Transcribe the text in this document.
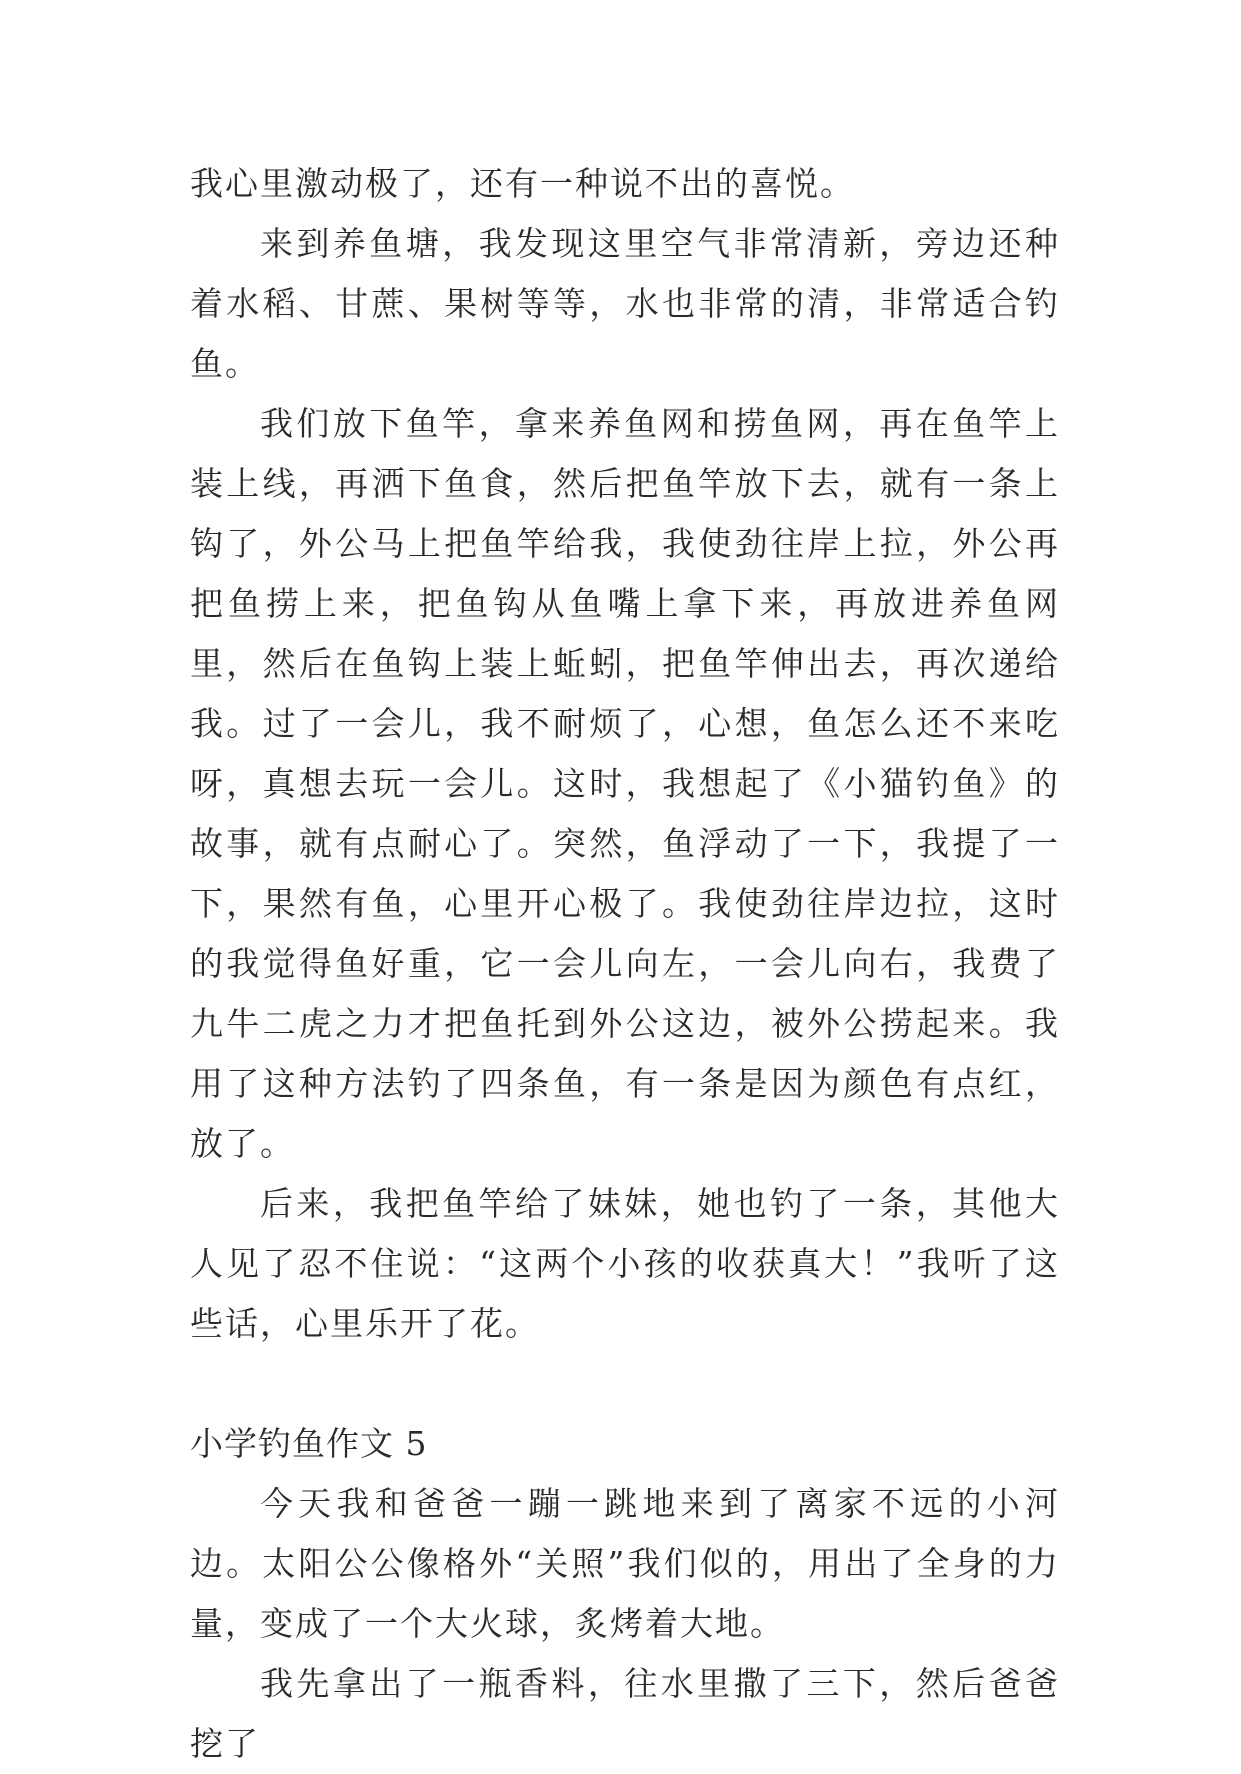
我心里激动极了，还有一种说不出的喜悦。

来到养鱼塘，我发现这里空气非常清新，旁边还种着水稻、甘蔗、果树等等，水也非常的清，非常适合钓鱼。

我们放下鱼竿，拿来养鱼网和捞鱼网，再在鱼竿上装上线，再洒下鱼食，然后把鱼竿放下去，就有一条上钩了，外公马上把鱼竿给我，我使劲往岸上拉，外公再把鱼捞上来，把鱼钩从鱼嘴上拿下来，再放进养鱼网里，然后在鱼钩上装上蚯蚓，把鱼竿伸出去，再次递给我。过了一会儿，我不耐烦了，心想，鱼怎么还不来吃呀，真想去玩一会儿。这时，我想起了《小猫钓鱼》的故事，就有点耐心了。突然，鱼浮动了一下，我提了一下，果然有鱼，心里开心极了。我使劲往岸边拉，这时的我觉得鱼好重，它一会儿向左，一会儿向右，我费了九牛二虎之力才把鱼托到外公这边，被外公捞起来。我用了这种方法钓了四条鱼，有一条是因为颜色有点红，放了。

后来，我把鱼竿给了妹妹，她也钓了一条，其他大人见了忍不住说：“这两个小孩的收获真大！”我听了这些话，心里乐开了花。

小学钓鱼作文 5

今天我和爸爸一蹦一跳地来到了离家不远的小河边。太阳公公像格外“关照”我们似的，用出了全身的力量，变成了一个大火球，炙烤着大地。

我先拿出了一瓶香料，往水里撒了三下，然后爸爸挖了
